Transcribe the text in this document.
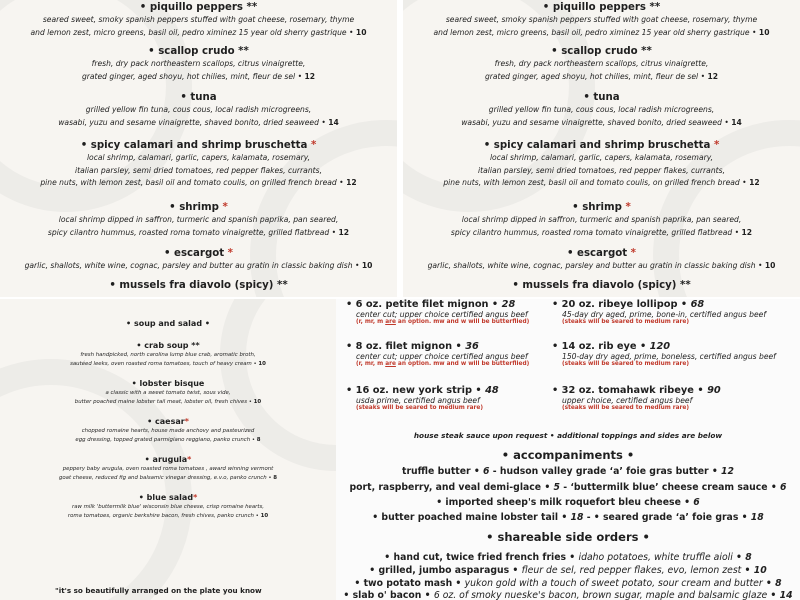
• piquillo peppers **
seared sweet, smoky spanish peppers stuffed with goat cheese, rosemary, thyme
and lemon zest, micro greens, basil oil, pedro ximinez 15 year old sherry gastrique • 10
• scallop crudo **
fresh, dry pack northeastern scallops, citrus vinaigrette,
grated ginger, aged shoyu, hot chilies, mint, fleur de sel • 12
• tuna
grilled yellow fin tuna, cous cous, local radish microgreens,
wasabi, yuzu and sesame vinaigrette, shaved bonito, dried seaweed • 14
• spicy calamari and shrimp bruschetta *
local shrimp, calamari, garlic, capers, kalamata, rosemary,
italian parsley, semi dried tomatoes, red pepper flakes, currants,
pine nuts, with lemon zest, basil oil and tomato coulis, on grilled french bread • 12
• shrimp *
local shrimp dipped in saffron, turmeric and spanish paprika, pan seared,
spicy cilantro hummus, roasted roma tomato vinaigrette, grilled flatbread • 12
• escargot *
garlic, shallots, white wine, cognac, parsley and butter au gratin in classic baking dish • 10
• mussels fra diavolo (spicy) **
• piquillo peppers **
seared sweet, smoky spanish peppers stuffed with goat cheese, rosemary, thyme
and lemon zest, micro greens, basil oil, pedro ximinez 15 year old sherry gastrique • 10
• scallop crudo **
fresh, dry pack northeastern scallops, citrus vinaigrette,
grated ginger, aged shoyu, hot chilies, mint, fleur de sel • 12
• tuna
grilled yellow fin tuna, cous cous, local radish microgreens,
wasabi, yuzu and sesame vinaigrette, shaved bonito, dried seaweed • 14
• spicy calamari and shrimp bruschetta *
local shrimp, calamari, garlic, capers, kalamata, rosemary,
italian parsley, semi dried tomatoes, red pepper flakes, currants,
pine nuts, with lemon zest, basil oil and tomato coulis, on grilled french bread • 12
• shrimp *
local shrimp dipped in saffron, turmeric and spanish paprika, pan seared,
spicy cilantro hummus, roasted roma tomato vinaigrette, grilled flatbread • 12
• escargot *
garlic, shallots, white wine, cognac, parsley and butter au gratin in classic baking dish • 10
• mussels fra diavolo (spicy) **
• soup and salad •
• crab soup **
fresh handpicked, north carolina lump blue crab, aromatic broth,
sautéed leeks, oven roasted roma tomatoes, touch of heavy cream • 10
• lobster bisque
a classic with a sweet tomato twist, sous vide,
butter poached maine lobster tail meat, lobster oil, fresh chives • 10
• caesar*
chopped romaine hearts, house made anchovy and pasteurized
egg dressing, topped grated parmigiano reggiano, panko crunch • 8
• arugula*
peppery baby arugula, oven roasted roma tomatoes , award winning vermont
goat cheese, reduced fig and balsamic vinegar dressing, e.v.o, panko crunch • 8
• blue salad*
raw milk 'buttermilk blue' wisconsin blue cheese, crisp romaine hearts,
roma tomatoes, organic berkshire bacon, fresh chives, panko crunch • 10
"it's so beautifully arranged on the plate you know
• 6 oz. petite filet mignon • 28
center cut; upper choice certified angus beef
(r, mr, m are an option. mw and w will be butterflied)
• 20 oz. ribeye lollipop • 68
45-day dry aged, prime, bone-in, certified angus beef
(steaks will be seared to medium rare)
• 8 oz. filet mignon • 36
center cut; upper choice certified angus beef
(r, mr, m are an option. mw and w will be butterflied)
• 14 oz. rib eye • 120
150-day dry aged, prime, boneless, certified angus beef
(steaks will be seared to medium rare)
• 16 oz. new york strip • 48
usda prime, certified angus beef
(steaks will be seared to medium rare)
• 32 oz. tomahawk ribeye • 90
upper choice, certified angus beef
(steaks will be seared to medium rare)
house steak sauce upon request • additional toppings and sides are below
• accompaniments •
truffle butter • 6 - hudson valley grade ‘a’ foie gras butter • 12
port, raspberry, and veal demi-glace • 5 - ‘buttermilk blue’ cheese cream sauce • 6
• imported sheep's milk roquefort bleu cheese • 6
• butter poached maine lobster tail • 18 - • seared grade ‘a’ foie gras • 18
• shareable side orders •
• hand cut, twice fried french fries • idaho potatoes, white truffle aioli • 8
• grilled, jumbo asparagus • fleur de sel, red pepper flakes, evo, lemon zest • 10
• two potato mash • yukon gold with a touch of sweet potato, sour cream and butter • 8
• slab o' bacon • 6 oz. of smoky nueske's bacon, brown sugar, maple and balsamic glaze • 14
